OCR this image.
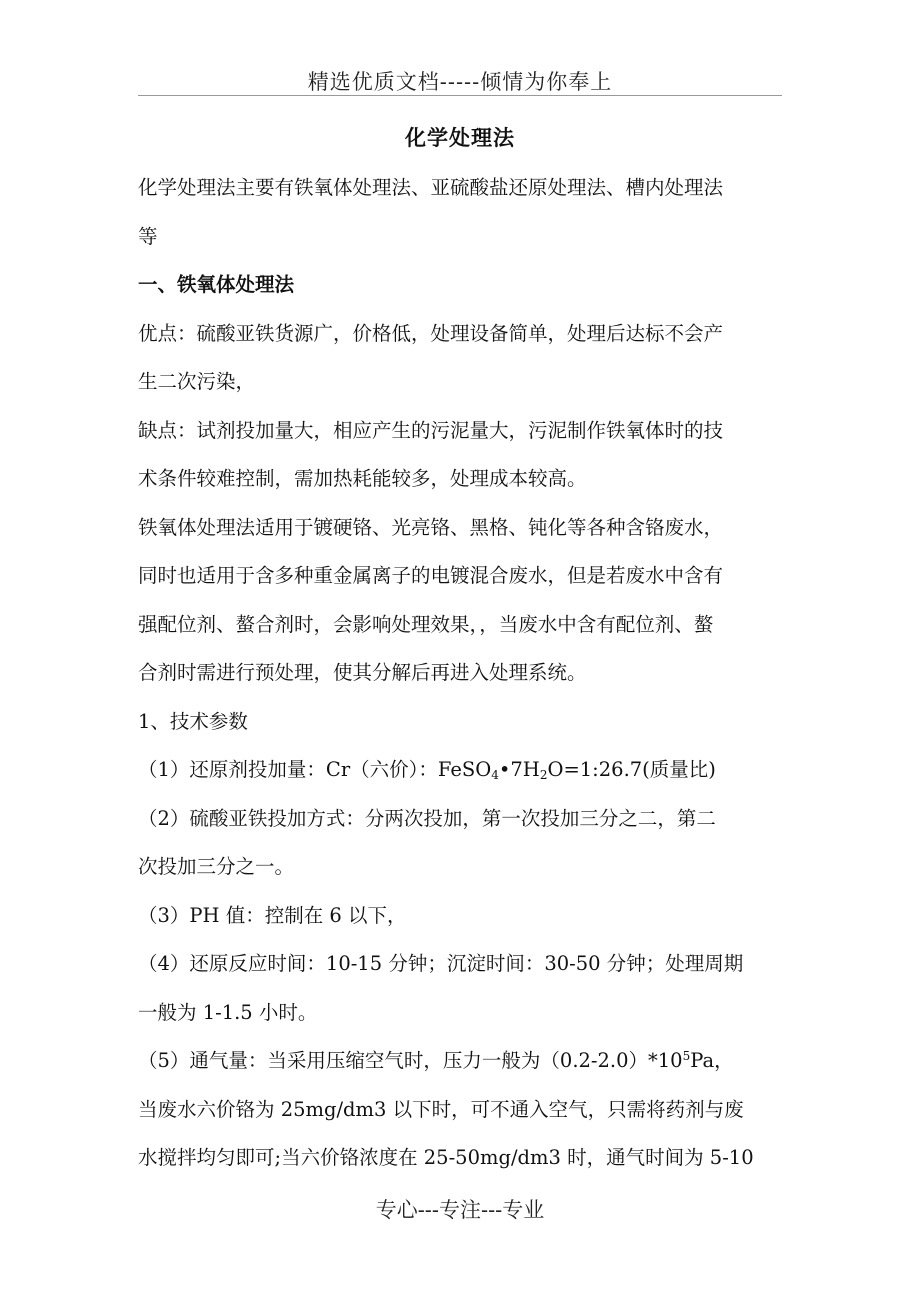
精选优质文档-----倾情为你奉上
化学处理法
化学处理法主要有铁氧体处理法、亚硫酸盐还原处理法、槽内处理法
等
一、铁氧体处理法
优点：硫酸亚铁货源广，价格低，处理设备简单，处理后达标不会产
生二次污染，
缺点：试剂投加量大，相应产生的污泥量大，污泥制作铁氧体时的技
术条件较难控制，需加热耗能较多，处理成本较高。
铁氧体处理法适用于镀硬铬、光亮铬、黑格、钝化等各种含铬废水，
同时也适用于含多种重金属离子的电镀混合废水，但是若废水中含有
强配位剂、螯合剂时，会影响处理效果，，当废水中含有配位剂、螯
合剂时需进行预处理，使其分解后再进入处理系统。
1、技术参数
（1）还原剂投加量：Cr（六价）：$FeSO_4•7H_2O=1:26.7$(质量比)
（2）硫酸亚铁投加方式：分两次投加，第一次投加三分之二，第二
次投加三分之一。
（3）PH 值：控制在 6 以下，
（4）还原反应时间：10-15 分钟；沉淀时间：30-50 分钟；处理周期
一般为 1-1.5 小时。
（5）通气量：当采用压缩空气时，压力一般为$(0.2-2.0)*10^5Pa$，
当废水六价铬为 25mg/dm3 以下时，可不通入空气，只需将药剂与废
水搅拌均匀即可;当六价铬浓度在 25-50mg/dm3 时，通气时间为 5-10
专心---专注---专业
